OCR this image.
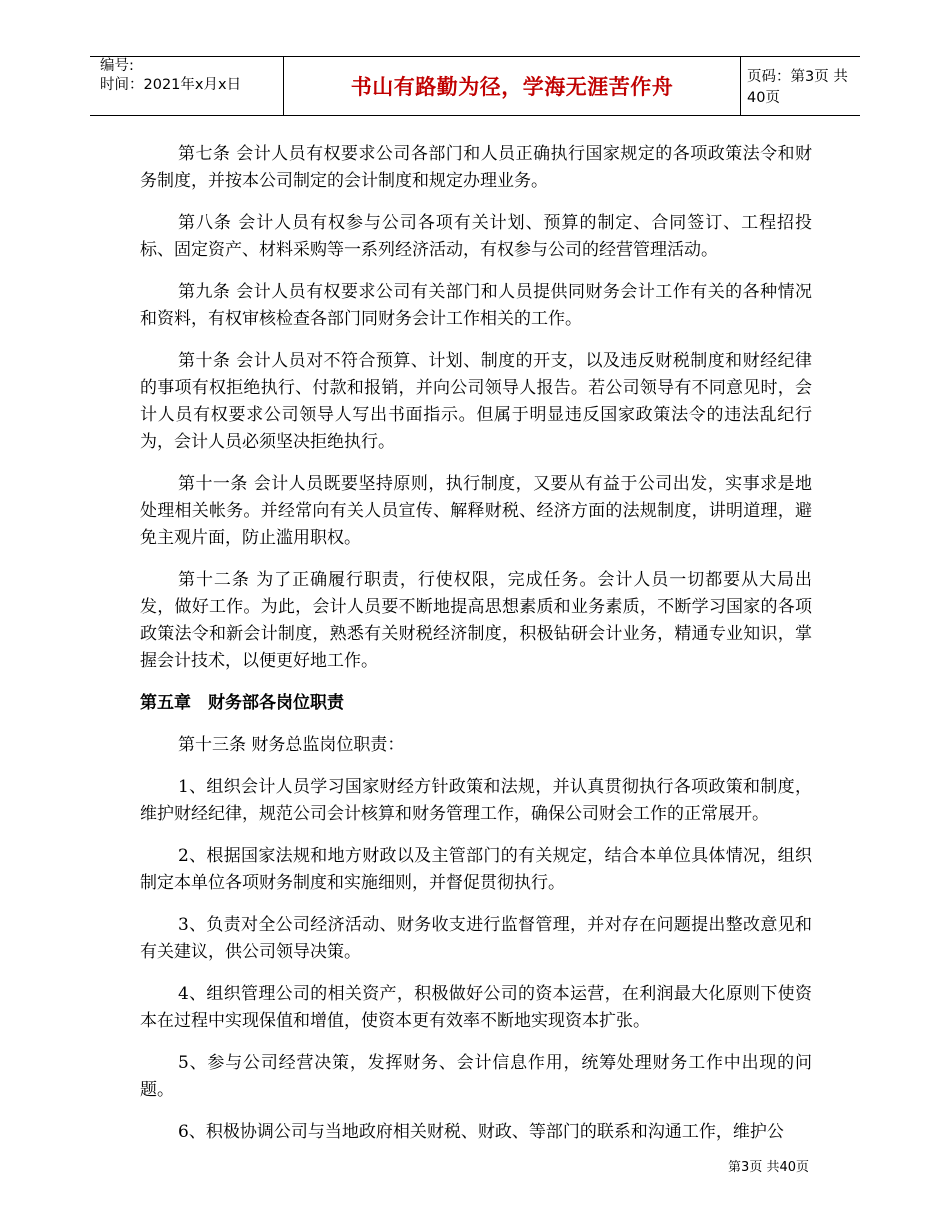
编号:
时间：2021年x月x日	书山有路勤为径，学海无涯苦作舟	页码：第3页 共40页

第七条 会计人员有权要求公司各部门和人员正确执行国家规定的各项政策法令和财务制度，并按本公司制定的会计制度和规定办理业务。

第八条 会计人员有权参与公司各项有关计划、预算的制定、合同签订、工程招投标、固定资产、材料采购等一系列经济活动，有权参与公司的经营管理活动。

第九条 会计人员有权要求公司有关部门和人员提供同财务会计工作有关的各种情况和资料，有权审核检查各部门同财务会计工作相关的工作。

第十条 会计人员对不符合预算、计划、制度的开支，以及违反财税制度和财经纪律的事项有权拒绝执行、付款和报销，并向公司领导人报告。若公司领导有不同意见时，会计人员有权要求公司领导人写出书面指示。但属于明显违反国家政策法令的违法乱纪行为，会计人员必须坚决拒绝执行。

第十一条 会计人员既要坚持原则，执行制度，又要从有益于公司出发，实事求是地处理相关帐务。并经常向有关人员宣传、解释财税、经济方面的法规制度，讲明道理，避免主观片面，防止滥用职权。

第十二条 为了正确履行职责，行使权限，完成任务。会计人员一切都要从大局出发，做好工作。为此，会计人员要不断地提高思想素质和业务素质，不断学习国家的各项政策法令和新会计制度，熟悉有关财税经济制度，积极钻研会计业务，精通专业知识，掌握会计技术，以便更好地工作。

第五章　财务部各岗位职责

第十三条 财务总监岗位职责：

1、组织会计人员学习国家财经方针政策和法规，并认真贯彻执行各项政策和制度，维护财经纪律，规范公司会计核算和财务管理工作，确保公司财会工作的正常展开。

2、根据国家法规和地方财政以及主管部门的有关规定，结合本单位具体情况，组织制定本单位各项财务制度和实施细则，并督促贯彻执行。

3、负责对全公司经济活动、财务收支进行监督管理，并对存在问题提出整改意见和有关建议，供公司领导决策。

4、组织管理公司的相关资产，积极做好公司的资本运营，在利润最大化原则下使资本在过程中实现保值和增值，使资本更有效率不断地实现资本扩张。

5、参与公司经营决策，发挥财务、会计信息作用，统筹处理财务工作中出现的问题。

6、积极协调公司与当地政府相关财税、财政、等部门的联系和沟通工作，维护公

第3页 共40页
